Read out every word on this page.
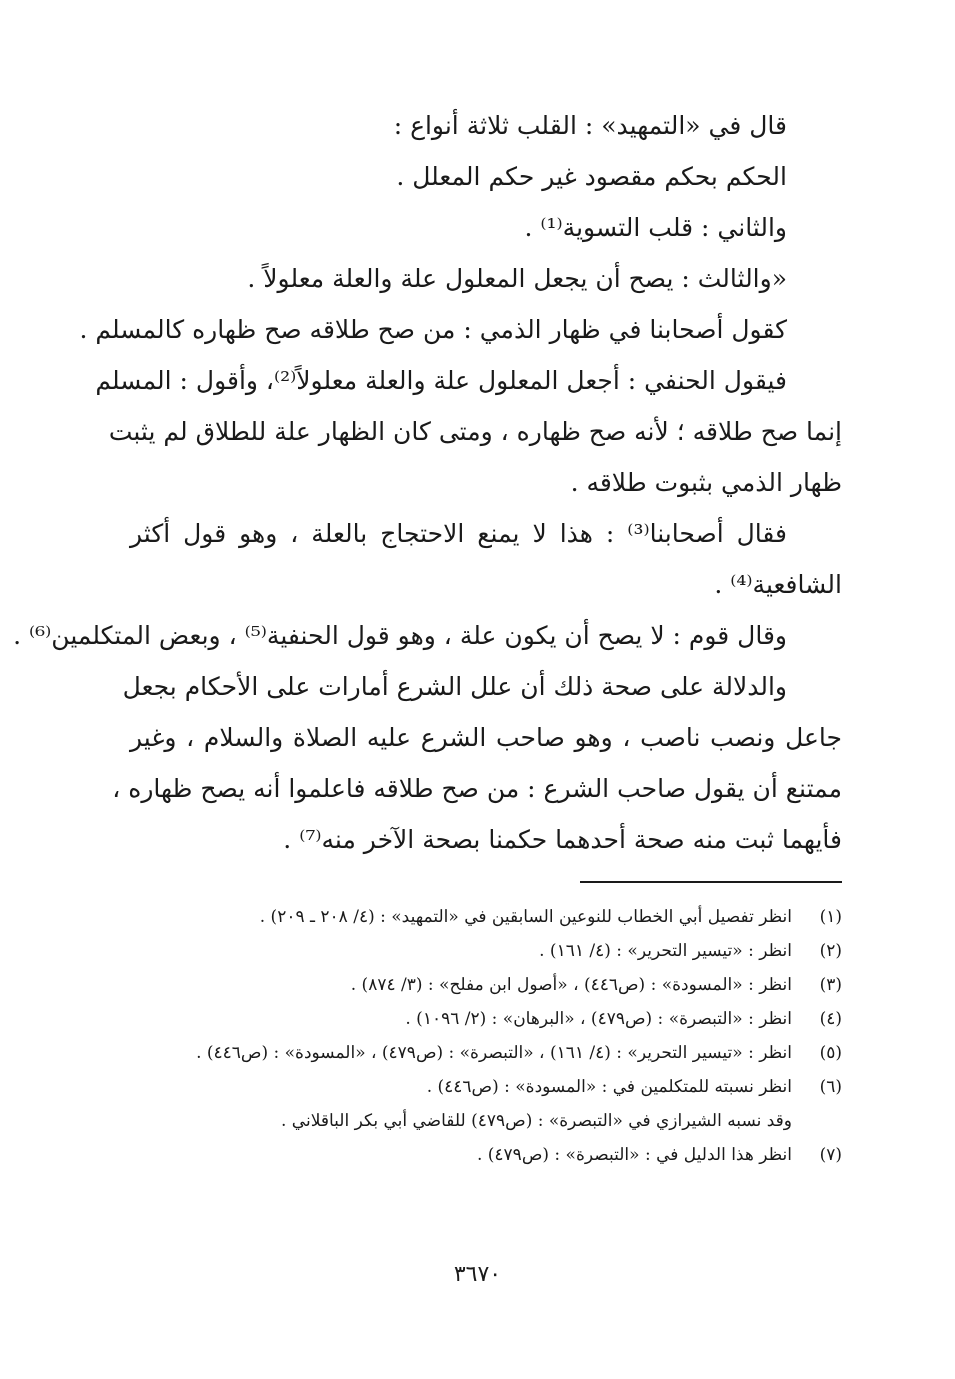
قال في «التمهيد» : القلب ثلاثة أنواع :
الحكم بحكم مقصود غير حكم المعلل .
والثاني : قلب التسوية⁽¹⁾ .
«والثالث : يصح أن يجعل المعلول علة والعلة معلولاً .
كقول أصحابنا في ظهار الذمي : من صح طلاقه صح ظهاره كالمسلم .
فيقول الحنفي : أجعل المعلول علة والعلة معلولاً⁽²⁾، وأقول : المسلم
إنما صح طلاقه ؛ لأنه صح ظهاره ، ومتى كان الظهار علة للطلاق لم يثبت
ظهار الذمي بثبوت طلاقه .
فقال أصحابنا⁽³⁾ : هذا لا يمنع الاحتجاج بالعلة ، وهو قول أكثر
الشافعية⁽⁴⁾ .
وقال قوم : لا يصح أن يكون علة ، وهو قول الحنفية⁽⁵⁾ ، وبعض المتكلمين⁽⁶⁾ .
والدلالة على صحة ذلك أن علل الشرع أمارات على الأحكام بجعل
جاعل ونصب ناصب ، وهو صاحب الشرع عليه الصلاة والسلام ، وغير
ممتنع أن يقول صاحب الشرع : من صح طلاقه فاعلموا أنه يصح ظهاره ،
فأيهما ثبت منه صحة أحدهما حكمنا بصحة الآخر منه⁽⁷⁾ .
(١)
انظر تفصيل أبي الخطاب للنوعين السابقين في «التمهيد» : (٤/ ٢٠٨ ـ ٢٠٩) .
(٢)
انظر : «تيسير التحرير» : (٤/ ١٦١) .
(٣)
انظر : «المسودة» : (ص٤٤٦) ، «أصول ابن مفلح» : (٣/ ٨٧٤) .
(٤)
انظر : «التبصرة» : (ص٤٧٩) ، «البرهان» : (٢/ ١٠٩٦) .
(٥)
انظر : «تيسير التحرير» : (٤/ ١٦١) ، «التبصرة» : (ص٤٧٩) ، «المسودة» : (ص٤٤٦) .
(٦)
انظر نسبته للمتكلمين في : «المسودة» : (ص٤٤٦) .
وقد نسبه الشيرازي في «التبصرة» : (ص٤٧٩) للقاضي أبي بكر الباقلاني .
(٧)
انظر هذا الدليل في : «التبصرة» : (ص٤٧٩) .
٣٦٧٠
